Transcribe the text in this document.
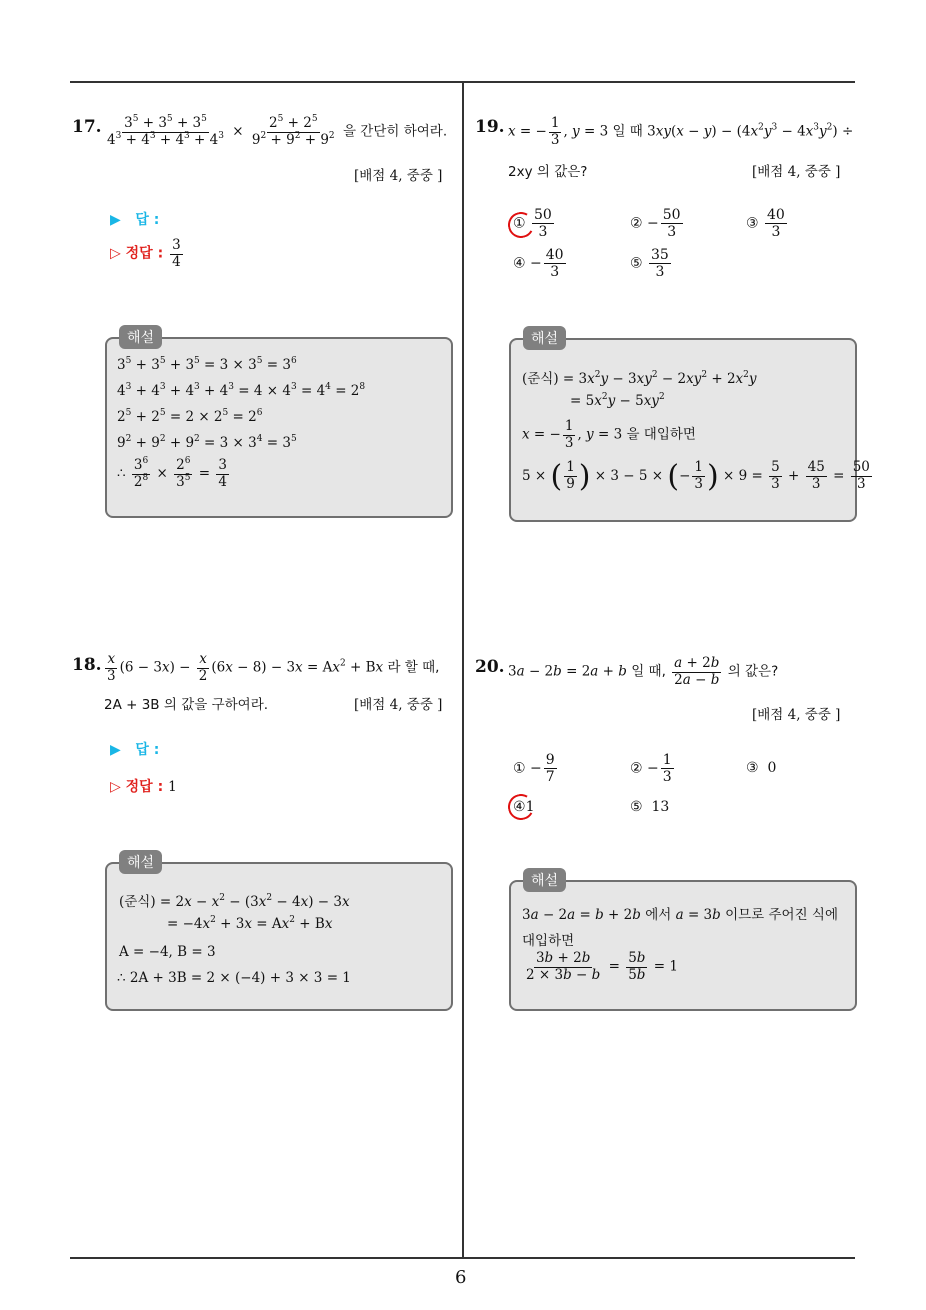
6
17. $\frac{3^5 + 3^5 + 3^5}{4^3 + 4^3 + 4^3 + 4^3} \times \frac{2^5 + 2^5}{9^2 + 9^2 + 9^2}$ 을 간단히 하여라.
[배점 4, 중중 ]
▶ 답 :
▷ 정답 : $\frac{3}{4}$
해설
$3^5 + 3^5 + 3^5 = 3 \times 3^5 = 3^6$
$4^3 + 4^3 + 4^3 + 4^3 = 4 \times 4^3 = 4^4 = 2^8$
$2^5 + 2^5 = 2 \times 2^5 = 2^6$
$9^2 + 9^2 + 9^2 = 3 \times 3^4 = 3^5$
∴ $\frac{3^6}{2^8} \times \frac{2^6}{3^5} = \frac{3}{4}$
18. $\frac{x}{3} (6 - 3x) - \frac{x}{2} (6x - 8) - 3x = Ax^2 + Bx$ 라 할 때,
2A + 3B 의 값을 구하여라.	[배점 4, 중중 ]
▶ 답 :
▷ 정답 : 1
해설
(준식) = $2x - x^2 - (3x^2 - 4x) - 3x$
= $-4x^2 + 3x = Ax^2 + Bx$
A = −4, B = 3
∴ 2A + 3B = 2 × (−4) + 3 × 3 = 1
19. x = − $\frac{1}{3}$ , y = 3 일 때 $3xy(x - y) - (4x^2y^3 - 4x^3y^2)$ ÷
2xy 의 값은?	[배점 4, 중중 ]
① $\frac{50}{3}$	② − $\frac{50}{3}$	③ $\frac{40}{3}$
④ − $\frac{40}{3}$	⑤ $\frac{35}{3}$
해설
(준식) = $3x^2y - 3xy^2 - 2xy^2 + 2x^2y$
= $5x^2y - 5xy^2$
x = − $\frac{1}{3}$ , y = 3 을 대입하면
5 × ( $\frac{1}{9}$ ) × 3 − 5 × (− $\frac{1}{3}$ ) × $9 = \frac{5}{3} + \frac{45}{3} = \frac{50}{3}$
20. 3a − 2b = 2a + b 일 때, $\frac{a + 2b}{2a - b}$ 의 값은?
[배점 4, 중중 ]
① − $\frac{9}{7}$	② − $\frac{1}{3}$	③ 0
④1	⑤ 13
해설
3a − 2a = b + 2b 에서 a = 3b 이므로 주어진 식에
대입하면
$\frac{3b + 2b}{2 \times 3b - b} = \frac{5b}{5b} = 1$
